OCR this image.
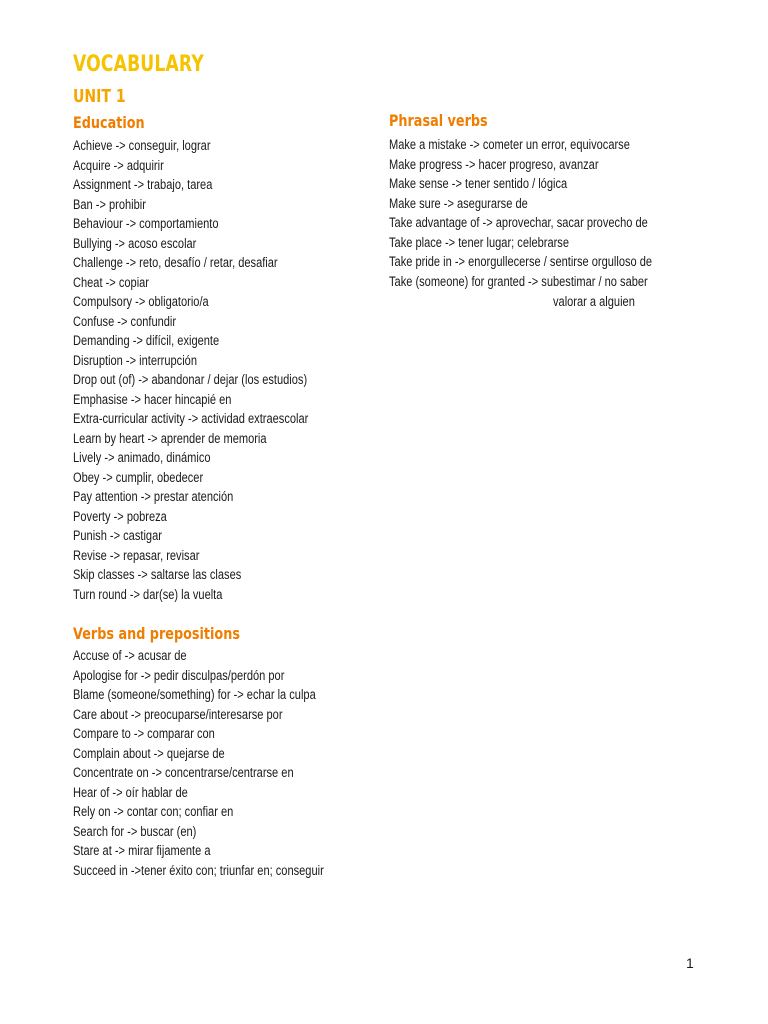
VOCABULARY
UNIT 1
Education
Achieve -> conseguir, lograr
Acquire -> adquirir
Assignment -> trabajo, tarea
Ban -> prohibir
Behaviour -> comportamiento
Bullying -> acoso escolar
Challenge -> reto, desafío / retar, desafiar
Cheat -> copiar
Compulsory -> obligatorio/a
Confuse -> confundir
Demanding -> difícil, exigente
Disruption -> interrupción
Drop out (of) -> abandonar / dejar (los estudios)
Emphasise -> hacer hincapié en
Extra-curricular activity -> actividad extraescolar
Learn by heart -> aprender de memoria
Lively -> animado, dinámico
Obey -> cumplir, obedecer
Pay attention -> prestar atención
Poverty -> pobreza
Punish -> castigar
Revise -> repasar, revisar
Skip classes -> saltarse las clases
Turn round -> dar(se) la vuelta
Verbs and prepositions
Accuse of -> acusar de
Apologise for -> pedir disculpas/perdón por
Blame (someone/something) for -> echar la culpa
Care about -> preocuparse/interesarse por
Compare to -> comparar con
Complain about -> quejarse de
Concentrate on -> concentrarse/centrarse en
Hear of -> oír hablar de
Rely on -> contar con; confiar en
Search for -> buscar (en)
Stare at -> mirar fijamente a
Succeed in ->tener éxito con; triunfar en; conseguir
Phrasal verbs
Make a mistake -> cometer un error, equivocarse
Make progress -> hacer progreso, avanzar
Make sense -> tener sentido / lógica
Make sure -> asegurarse de
Take advantage of -> aprovechar, sacar provecho de
Take place -> tener lugar; celebrarse
Take pride in -> enorgullecerse / sentirse orgulloso de
Take (someone) for granted -> subestimar / no saber
valorar a alguien
1
